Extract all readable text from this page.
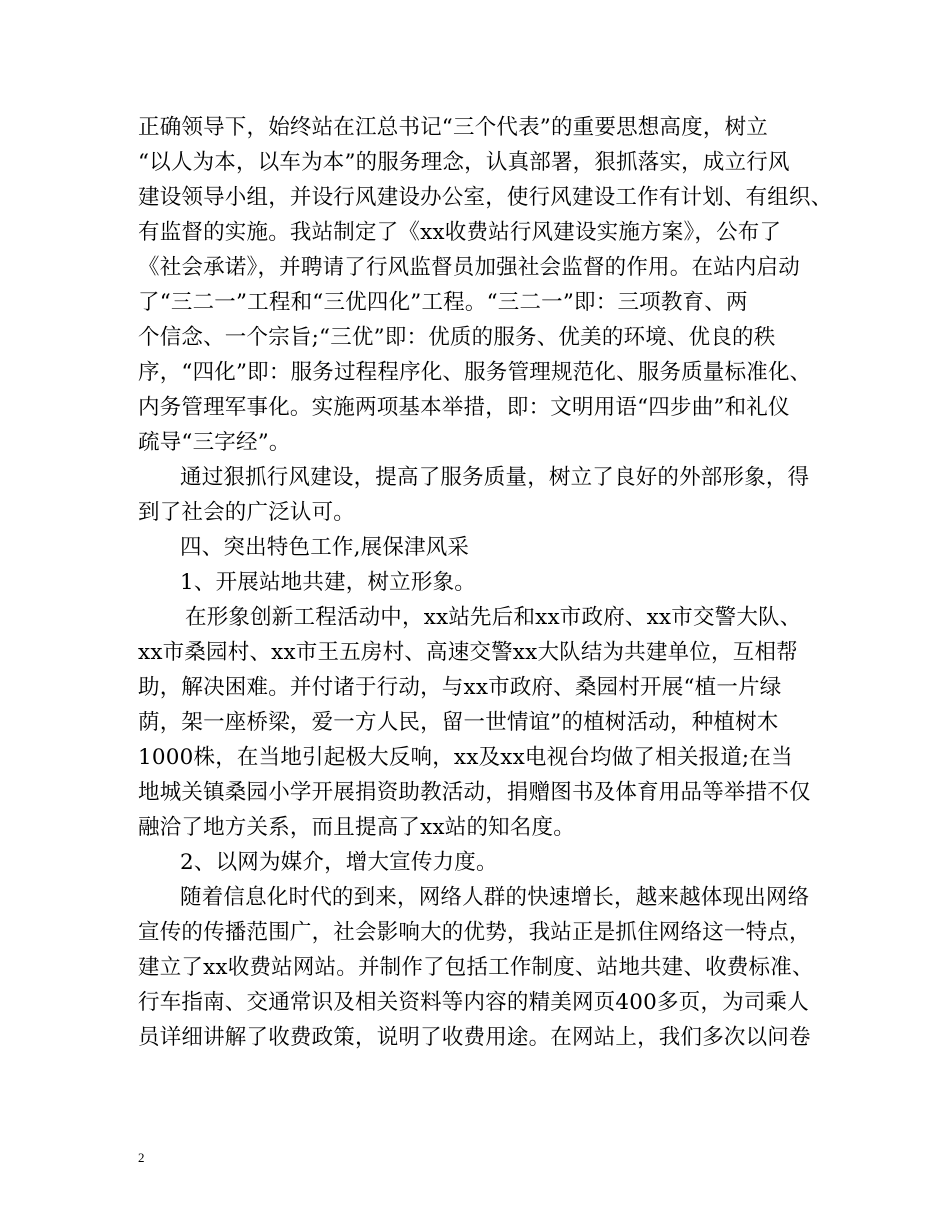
正确领导下，始终站在江总书记“三个代表”的重要思想高度，树立
“以人为本，以车为本”的服务理念，认真部署，狠抓落实，成立行风
建设领导小组，并设行风建设办公室，使行风建设工作有计划、有组织、
有监督的实施。我站制定了《xx收费站行风建设实施方案》，公布了
《社会承诺》，并聘请了行风监督员加强社会监督的作用。在站内启动
了“三二一”工程和“三优四化”工程。“三二一”即：三项教育、两
个信念、一个宗旨;“三优”即：优质的服务、优美的环境、优良的秩
序，“四化”即：服务过程程序化、服务管理规范化、服务质量标准化、
内务管理军事化。实施两项基本举措，即：文明用语“四步曲”和礼仪
疏导“三字经”。
通过狠抓行风建设，提高了服务质量，树立了良好的外部形象，得
到了社会的广泛认可。
四、突出特色工作,展保津风采
1、开展站地共建，树立形象。
在形象创新工程活动中，xx站先后和xx市政府、xx市交警大队、
xx市桑园村、xx市王五房村、高速交警xx大队结为共建单位，互相帮
助，解决困难。并付诸于行动，与xx市政府、桑园村开展“植一片绿
荫，架一座桥梁，爱一方人民，留一世情谊”的植树活动，种植树木
1000株，在当地引起极大反响，xx及xx电视台均做了相关报道;在当
地城关镇桑园小学开展捐资助教活动，捐赠图书及体育用品等举措不仅
融洽了地方关系，而且提高了xx站的知名度。
2、以网为媒介，增大宣传力度。
随着信息化时代的到来，网络人群的快速增长，越来越体现出网络
宣传的传播范围广，社会影响大的优势，我站正是抓住网络这一特点，
建立了xx收费站网站。并制作了包括工作制度、站地共建、收费标准、
行车指南、交通常识及相关资料等内容的精美网页400多页，为司乘人
员详细讲解了收费政策，说明了收费用途。在网站上，我们多次以问卷
2
